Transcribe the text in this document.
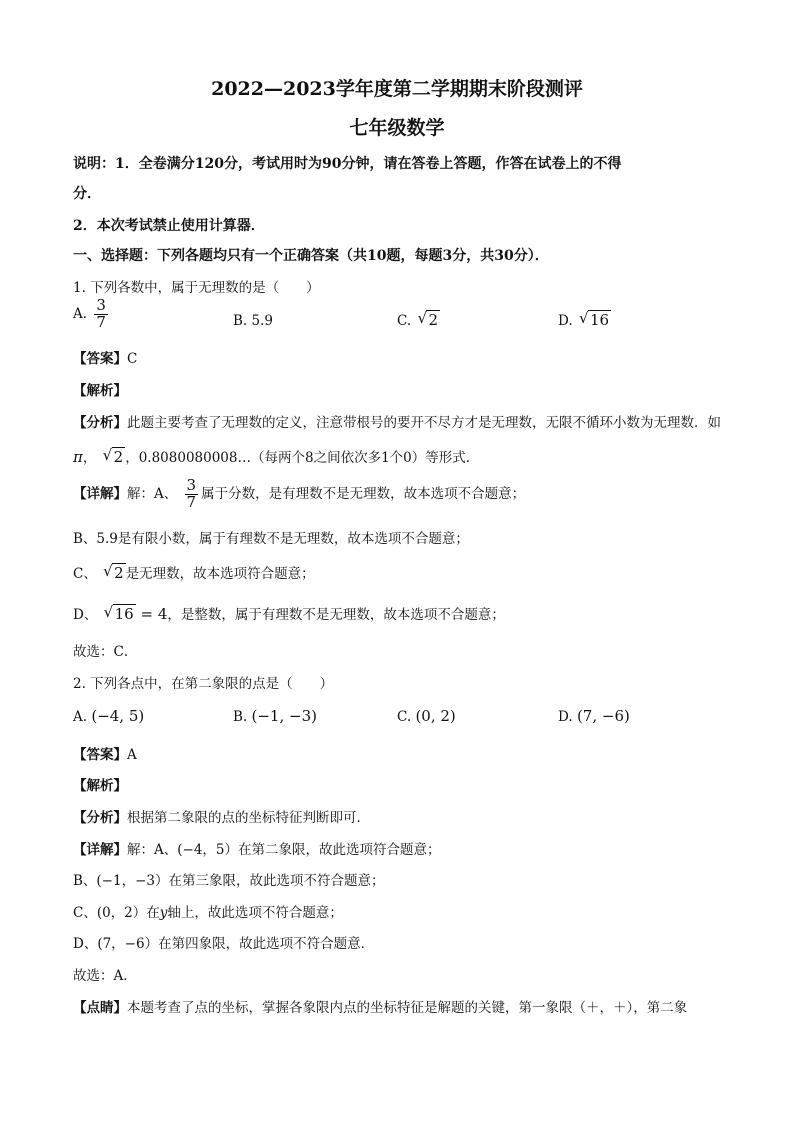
2022—2023学年度第二学期期末阶段测评
七年级数学
说明：1．全卷满分120分，考试用时为90分钟，请在答卷上答题，作答在试卷上的不得
分．
2．本次考试禁止使用计算器．
一、选择题：下列各题均只有一个正确答案（共10题，每题3分，共30分）．
1. 下列各数中，属于无理数的是（　　）
A. $\frac{3}{7}$	B. 5.9	C. √ 2	D. √ 16
【答案】C
【解析】
【分析】此题主要考查了无理数的定义，注意带根号的要开不尽方才是无理数，无限不循环小数为无理数．如
π， √ 2 ，0.8080080008…（每两个8之间依次多1个0）等形式．
【详解】解：A、 $\frac{3}{7}$ 属于分数，是有理数不是无理数，故本选项不合题意；
B、5.9是有限小数，属于有理数不是无理数，故本选项不合题意；
C、 √ 2 是无理数，故本选项符合题意；
D、 √ 16 = 4，是整数，属于有理数不是无理数，故本选项不合题意；
故选：C．
2. 下列各点中，在第二象限的点是（　　）
A. (−4, 5)	B. (−1, −3)	C. (0, 2)	D. (7, −6)
【答案】A
【解析】
【分析】根据第二象限的点的坐标特征判断即可．
【详解】解：A、(−4，5）在第二象限，故此选项符合题意；
B、(−1，−3）在第三象限，故此选项不符合题意；
C、(0，2）在y轴上，故此选项不符合题意；
D、(7，−6）在第四象限，故此选项不符合题意．
故选：A．
【点睛】本题考查了点的坐标，掌握各象限内点的坐标特征是解题的关键，第一象限（＋，＋），第二象
